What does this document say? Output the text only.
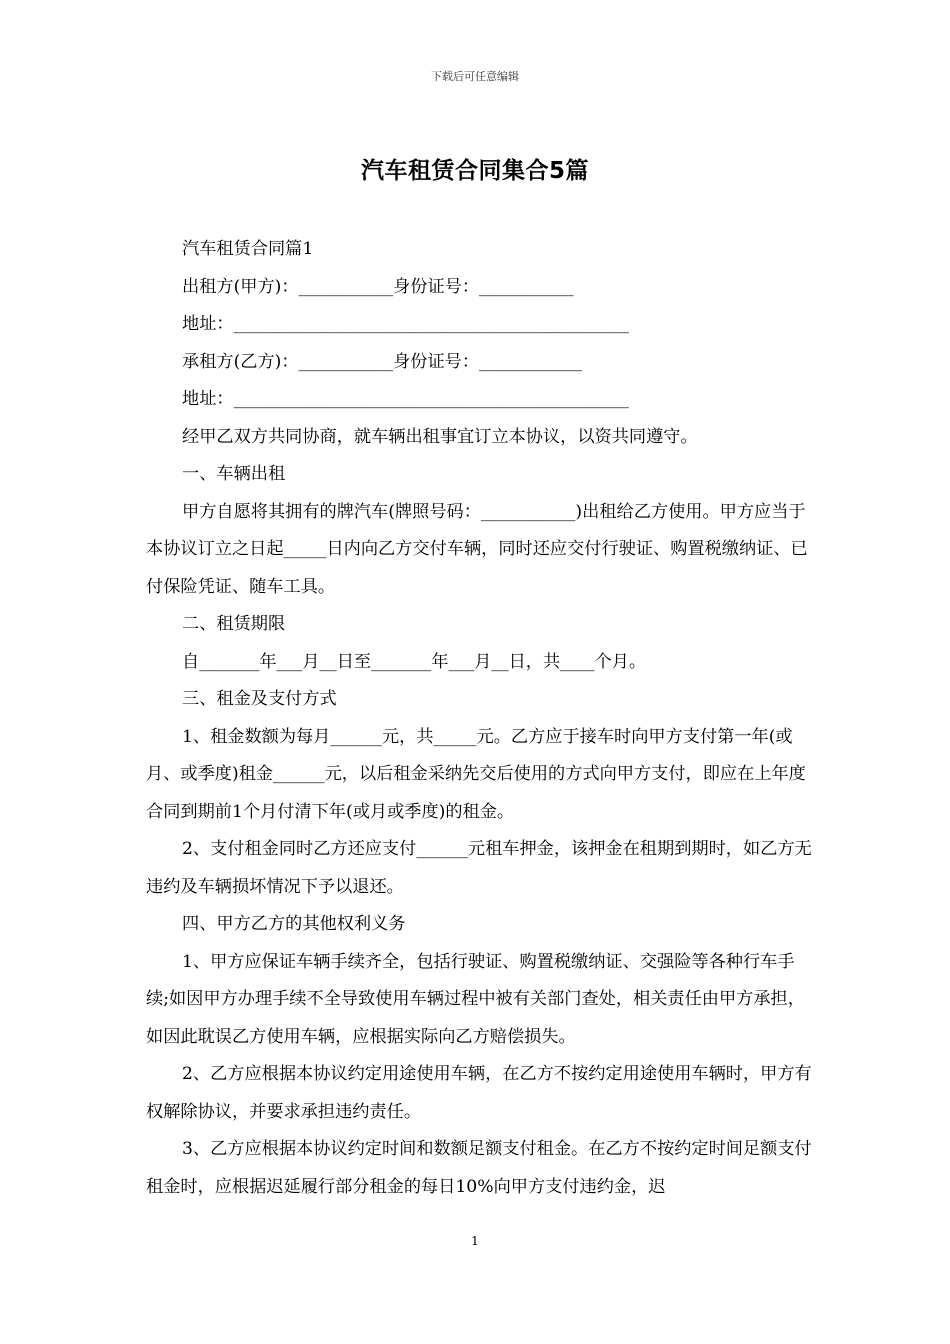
下载后可任意编辑
汽车租赁合同集合5篇

汽车租赁合同篇1

出租方(甲方)：___________身份证号：___________

地址：______________________________________________

承租方(乙方)：___________身份证号：____________

地址：______________________________________________

经甲乙双方共同协商，就车辆出租事宜订立本协议，以资共同遵守。

一、车辆出租

甲方自愿将其拥有的牌汽车(牌照号码：___________)出租给乙方使用。甲方应当于本协议订立之日起_____日内向乙方交付车辆，同时还应交付行驶证、购置税缴纳证、已付保险凭证、随车工具。

二、租赁期限

自_______年___月__日至_______年___月__日，共____个月。

三、租金及支付方式

1、租金数额为每月______元，共_____元。乙方应于接车时向甲方支付第一年(或月、或季度)租金______元，以后租金采纳先交后使用的方式向甲方支付，即应在上年度合同到期前1个月付清下年(或月或季度)的租金。

2、支付租金同时乙方还应支付______元租车押金，该押金在租期到期时，如乙方无违约及车辆损坏情况下予以退还。

四、甲方乙方的其他权利义务

1、甲方应保证车辆手续齐全，包括行驶证、购置税缴纳证、交强险等各种行车手续;如因甲方办理手续不全导致使用车辆过程中被有关部门查处，相关责任由甲方承担，如因此耽误乙方使用车辆，应根据实际向乙方赔偿损失。

2、乙方应根据本协议约定用途使用车辆，在乙方不按约定用途使用车辆时，甲方有权解除协议，并要求承担违约责任。

3、乙方应根据本协议约定时间和数额足额支付租金。在乙方不按约定时间足额支付租金时，应根据迟延履行部分租金的每日10%向甲方支付违约金，迟

1
